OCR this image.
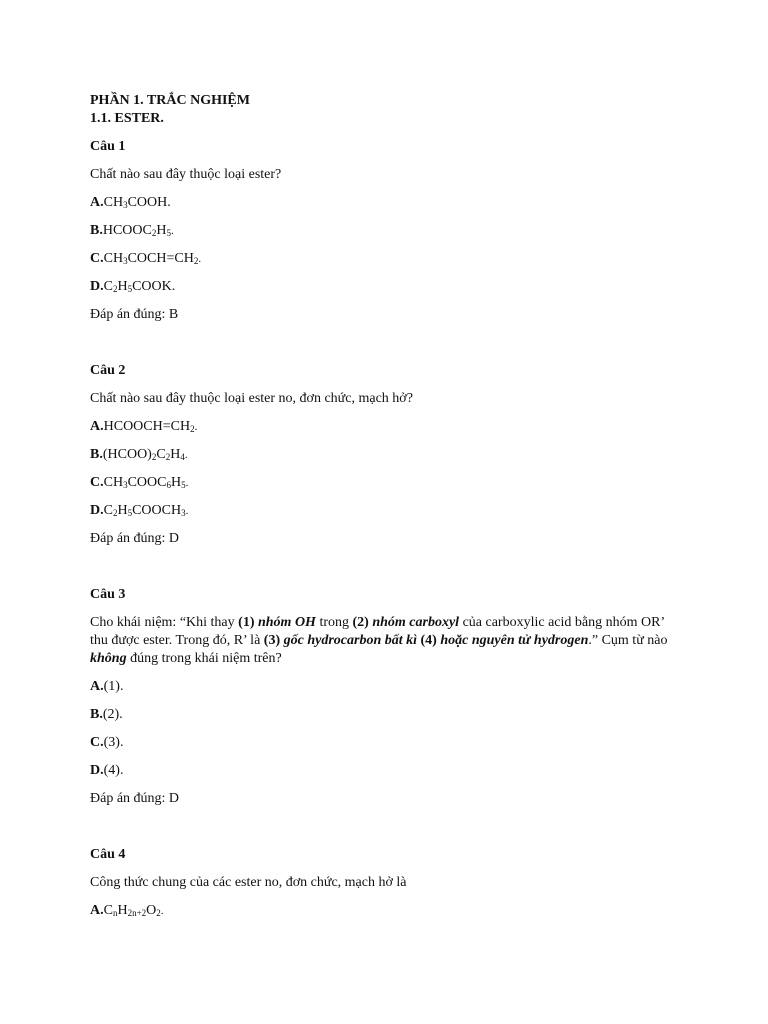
PHẦN 1. TRẮC NGHIỆM

1.1. ESTER.

Câu 1

Chất nào sau đây thuộc loại ester?

$A.CH_3COOH$.

$B.HCOOC_2H_5$.

$C.CH_3COCH=CH_2$.

$D.C_2H_5COOK$.

Đáp án đúng: B

Câu 2

Chất nào sau đây thuộc loại ester no, đơn chức, mạch hở?

$A.HCOOCH=CH_2$.

$B.(HCOO)_2C_2H_4$.

$C.CH_3COOC_6H_5$.

$D.C_2H_5COOCH_3$.

Đáp án đúng: D

Câu 3

Cho khái niệm: “Khi thay (1) nhóm OH trong (2) nhóm carboxyl của carboxylic acid bằng nhóm OR’ thu được ester. Trong đó, R’ là (3) gốc hydrocarbon bất kì (4) hoặc nguyên tử hydrogen.” Cụm từ nào không đúng trong khái niệm trên?

A.(1).

B.(2).

C.(3).

D.(4).

Đáp án đúng: D

Câu 4

Công thức chung của các ester no, đơn chức, mạch hở là

$A.C_nH_{2n+2}O_2$.
